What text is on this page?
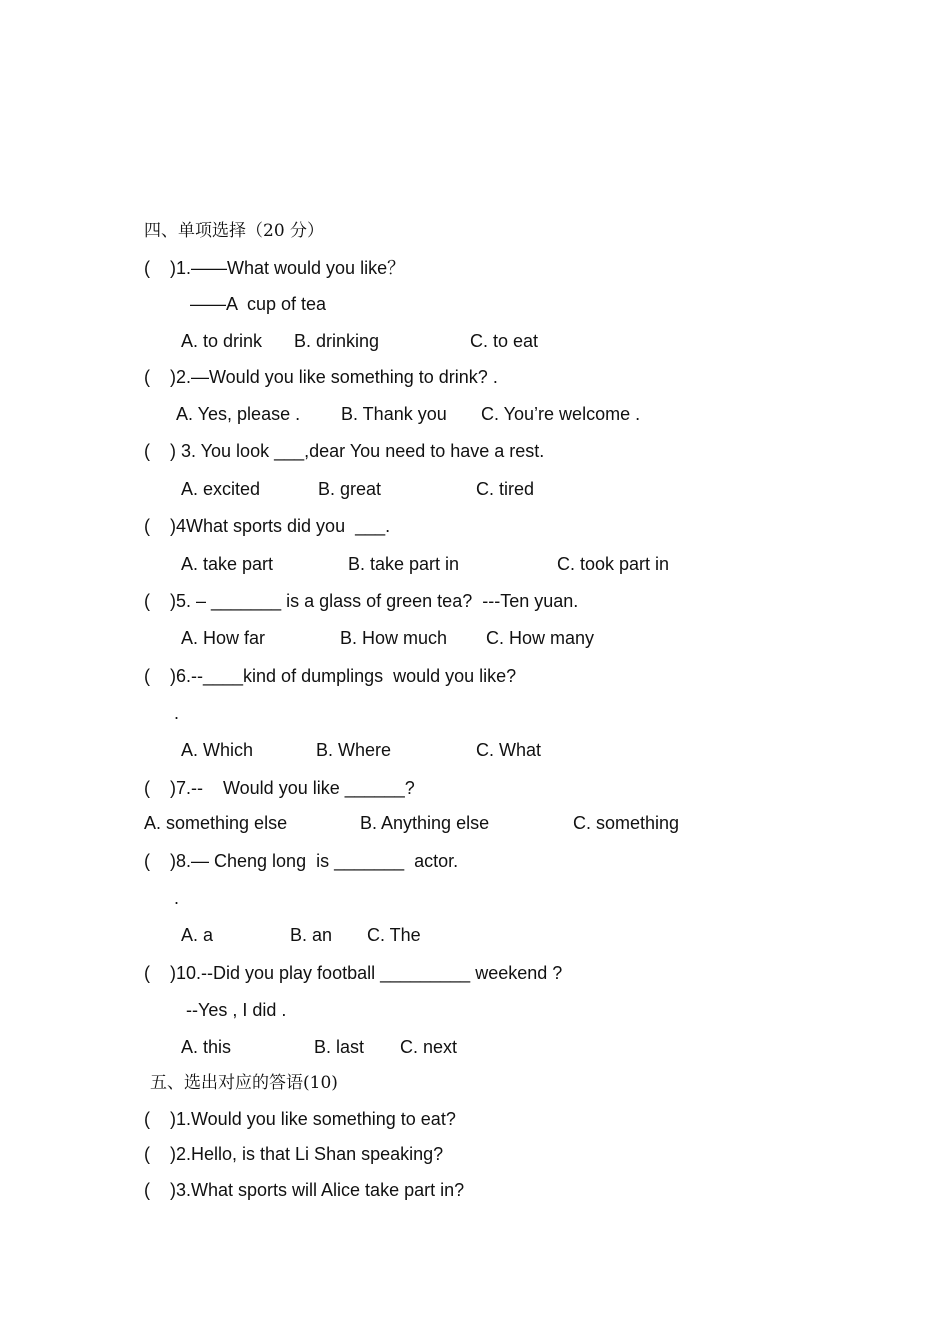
四、单项选择（20 分）
(    )1.——What would you like？
——A  cup of tea
A. to drink B. drinking	C. to eat
(    )2.—Would you like something to drink? .
A. Yes, please . B. Thank you C. You’re welcome .
(    ) 3. You look ___,dear You need to have a rest.
A. excited	B. great	C. tired
(    )4What sports did you  ___.
A. take part	B. take part in	C. took part in
(    )5. – _______ is a glass of green tea?  ---Ten yuan.
A. How far	B. How much C. How many
(    )6.--____kind of dumplings  would you like?
.
A. Which	B. Where	C. What
(    )7.--    Would you like ______?
A. something else	B. Anything else	C. something
(    )8.— Cheng long  is _______  actor.
.
A. a	B. an C. The
(    )10.--Did you play football _________ weekend ?
--Yes , I did .
A. this	B. last C. next
五、选出对应的答语(10)
(    )1.Would you like something to eat?
(    )2.Hello, is that Li Shan speaking?
(    )3.What sports will Alice take part in?
